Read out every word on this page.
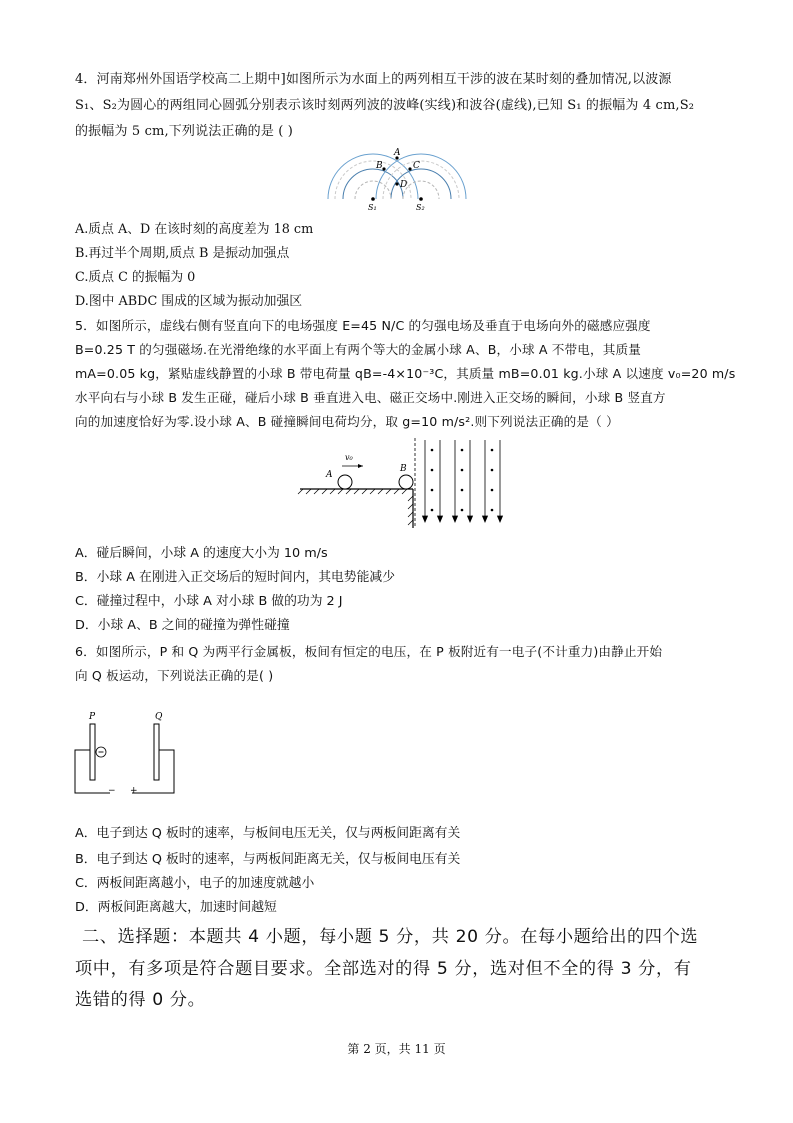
4．河南郑州外国语学校高二上期中]如图所示为水面上的两列相互干涉的波在某时刻的叠加情况,以波源
S₁、S₂为圆心的两组同心圆弧分别表示该时刻两列波的波峰(实线)和波谷(虚线),已知 S₁ 的振幅为 4 cm,S₂
的振幅为 5 cm,下列说法正确的是 ( )
A
B	C
D
S₁	S₂
A.质点 A、D 在该时刻的高度差为 18 cm
B.再过半个周期,质点 B 是振动加强点
C.质点 C 的振幅为 0
D.图中 ABDC 围成的区域为振动加强区
5．如图所示，虚线右侧有竖直向下的电场强度 E=45 N/C 的匀强电场及垂直于电场向外的磁感应强度
B=0.25 T 的匀强磁场.在光滑绝缘的水平面上有两个等大的金属小球 A、B，小球 A 不带电，其质量
mA=0.05 kg，紧贴虚线静置的小球 B 带电荷量 qB=-4×10⁻³C，其质量 mB=0.01 kg.小球 A 以速度 v₀=20 m/s
水平向右与小球 B 发生正碰，碰后小球 B 垂直进入电、磁正交场中.刚进入正交场的瞬间，小球 B 竖直方
向的加速度恰好为零.设小球 A、B 碰撞瞬间电荷均分，取 g=10 m/s².则下列说法正确的是（ ）
A
B
v₀
A．碰后瞬间，小球 A 的速度大小为 10 m/s
B．小球 A 在刚进入正交场后的短时间内，其电势能减少
C．碰撞过程中，小球 A 对小球 B 做的功为 2 J
D．小球 A、B 之间的碰撞为弹性碰撞
6．如图所示，P 和 Q 为两平行金属板，板间有恒定的电压，在 P 板附近有一电子(不计重力)由静止开始
向 Q 板运动，下列说法正确的是( )
P	Q
− +
A．电子到达 Q 板时的速率，与板间电压无关，仅与两板间距离有关
B．电子到达 Q 板时的速率，与两板间距离无关，仅与板间电压有关
C．两板间距离越小，电子的加速度就越小
D．两板间距离越大，加速时间越短
二、选择题：本题共 4 小题，每小题 5 分，共 20 分。在每小题给出的四个选
项中，有多项是符合题目要求。全部选对的得 5 分，选对但不全的得 3 分，有
选错的得 0 分。
第 2 页，共 11 页
